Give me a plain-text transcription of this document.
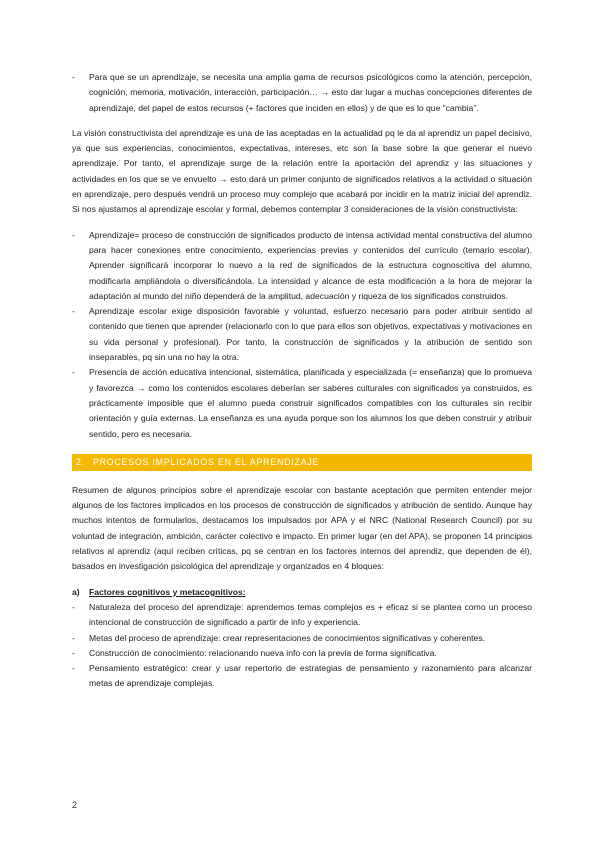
-	Para que se un aprendizaje, se necesita una amplia gama de recursos psicológicos como la atención, percepción, cognición, memoria, motivación, interacción, participación… → esto dar lugar a muchas concepciones diferentes de aprendizaje, del papel de estos recursos (+ factores que inciden en ellos) y de que es lo que “cambia”.

La visión constructivista del aprendizaje es una de las aceptadas en la actualidad pq le da al aprendiz un papel decisivo, ya que sus experiencias, conocimientos, expectativas, intereses, etc son la base sobre la que generar el nuevo aprendizaje. Por tanto, el aprendizaje surge de la relación entre la aportación del aprendiz y las situaciones y actividades en los que se ve envuelto → esto dará un primer conjunto de significados relativos a la actividad o situación en aprendizaje, pero después vendrá un proceso muy complejo que acabará por incidir en la matriz inicial del aprendiz. Si nos ajustamos al aprendizaje escolar y formal, debemos contemplar 3 consideraciones de la visión constructivista:

-	Aprendizaje= proceso de construcción de significados producto de intensa actividad mental constructiva del alumno para hacer conexiones entre conocimiento, experiencias previas y contenidos del currículo (temario escolar). Aprender significará incorporar lo nuevo a la red de significados de la estructura cognoscitiva del alumno, modificarla ampliándola o diversificándola. La intensidad y alcance de esta modificación a la hora de mejorar la adaptación al mundo del niño dependerá de la amplitud, adecuación y riqueza de los significados construidos.

-	Aprendizaje escolar exige disposición favorable y voluntad, esfuerzo necesario para poder atribuir sentido al contenido que tienen que aprender (relacionarlo con lo que para ellos son objetivos, expectativas y motivaciones en su vida personal y profesional). Por tanto, la construcción de significados y la atribución de sentido son inseparables, pq sin una no hay la otra.

-	Presencia de acción educativa intencional, sistemática, planificada y especializada (= enseñanza) que lo promueva y favorezca → como los contenidos escolares deberían ser saberes culturales con significados ya construidos, es prácticamente imposible que el alumno pueda construir significados compatibles con los culturales sin recibir orientación y guía externas. La enseñanza es una ayuda porque son los alumnos los que deben construir y atribuir sentido, pero es necesaria.

2. PROCESOS IMPLICADOS EN EL APRENDIZAJE

Resumen de algunos principios sobre el aprendizaje escolar con bastante aceptación que permiten entender mejor algunos de los factores implicados en los procesos de construcción de significados y atribución de sentido. Aunque hay muchos intentos de formularlos, destacamos los impulsados por APA y el NRC (National Research Council) por su voluntad de integración, ambición, carácter colectivo e impacto. En primer lugar (en del APA), se proponen 14 principios relativos al aprendiz (aquí reciben críticas, pq se centran en los factores internos del aprendiz, que dependen de él), basados en investigación psicológica del aprendizaje y organizados en 4 bloques:

a)	Factores cognitivos y metacognitivos:
-	Naturaleza del proceso del aprendizaje: aprendemos temas complejos es + eficaz si se plantea como un proceso intencional de construcción de significado a partir de info y experiencia.

-	Metas del proceso de aprendizaje: crear representaciones de conocimientos significativas y coherentes.

-	Construcción de conocimiento: relacionando nueva info con la previa de forma significativa.

-	Pensamiento estratégico: crear y usar repertorio de estrategias de pensamiento y razonamiento para alcanzar metas de aprendizaje complejas.

2
